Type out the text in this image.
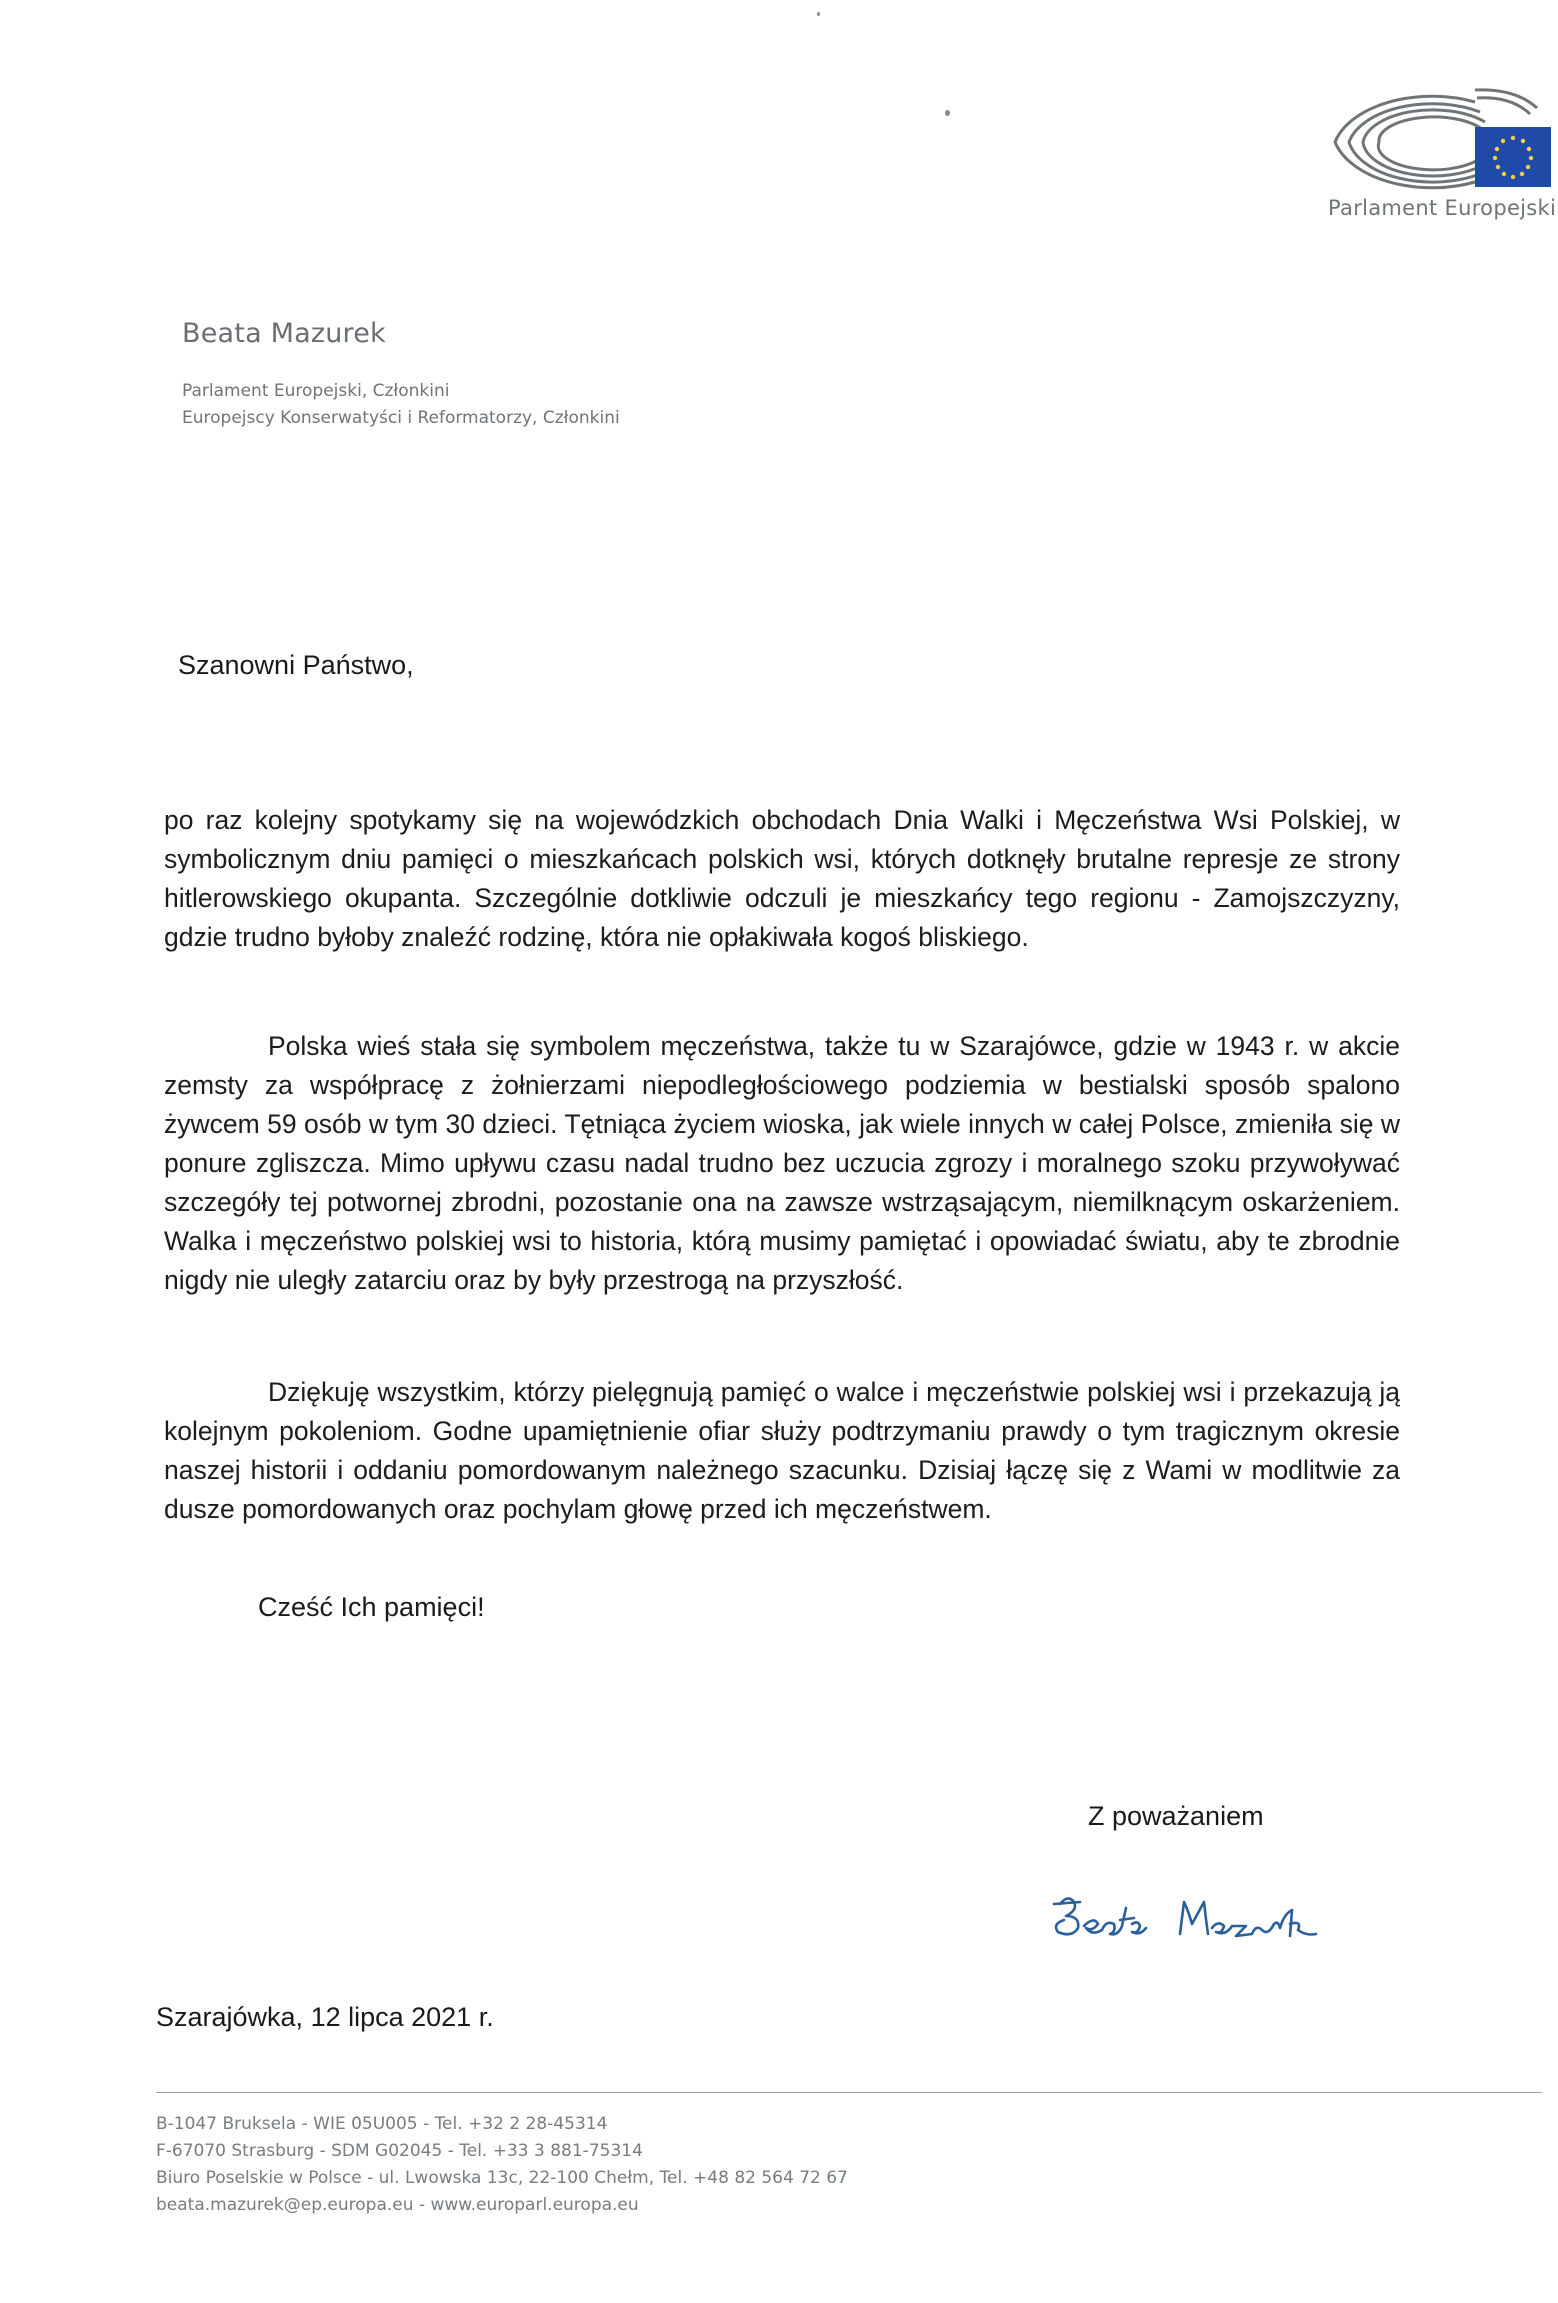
Parlament Europejski
Beata Mazurek
Parlament Europejski, Członkini
Europejscy Konserwatyści i Reformatorzy, Członkini
Szanowni Państwo,
po raz kolejny spotykamy się na wojewódzkich obchodach Dnia Walki i Męczeństwa Wsi Polskiej, w symbolicznym dniu pamięci o mieszkańcach polskich wsi, których dotknęły brutalne represje ze strony hitlerowskiego okupanta. Szczególnie dotkliwie odczuli je mieszkańcy tego regionu - Zamojszczyzny, gdzie trudno byłoby znaleźć rodzinę, która nie opłakiwała kogoś bliskiego.
Polska wieś stała się symbolem męczeństwa, także tu w Szarajówce, gdzie w 1943 r. w akcie zemsty za współpracę z żołnierzami niepodległościowego podziemia w bestialski sposób spalono żywcem 59 osób w tym 30 dzieci. Tętniąca życiem wioska, jak wiele innych w całej Polsce, zmieniła się w ponure zgliszcza. Mimo upływu czasu nadal trudno bez uczucia zgrozy i moralnego szoku przywoływać szczegóły tej potwornej zbrodni, pozostanie ona na zawsze wstrząsającym, niemilknącym oskarżeniem. Walka i męczeństwo polskiej wsi to historia, którą musimy pamiętać i opowiadać światu, aby te zbrodnie nigdy nie uległy zatarciu oraz by były przestrogą na przyszłość.
Dziękuję wszystkim, którzy pielęgnują pamięć o walce i męczeństwie polskiej wsi i przekazują ją kolejnym pokoleniom. Godne upamiętnienie ofiar służy podtrzymaniu prawdy o tym tragicznym okresie naszej historii i oddaniu pomordowanym należnego szacunku. Dzisiaj łączę się z Wami w modlitwie za dusze pomordowanych oraz pochylam głowę przed ich męczeństwem.
Cześć Ich pamięci!
Z poważaniem
Szarajówka, 12 lipca 2021 r.
B-1047 Bruksela - WIE 05U005 - Tel. +32 2 28-45314
F-67070 Strasburg - SDM G02045 - Tel. +33 3 881-75314
Biuro Poselskie w Polsce - ul. Lwowska 13c, 22-100 Chełm, Tel. +48 82 564 72 67
beata.mazurek@ep.europa.eu - www.europarl.europa.eu
